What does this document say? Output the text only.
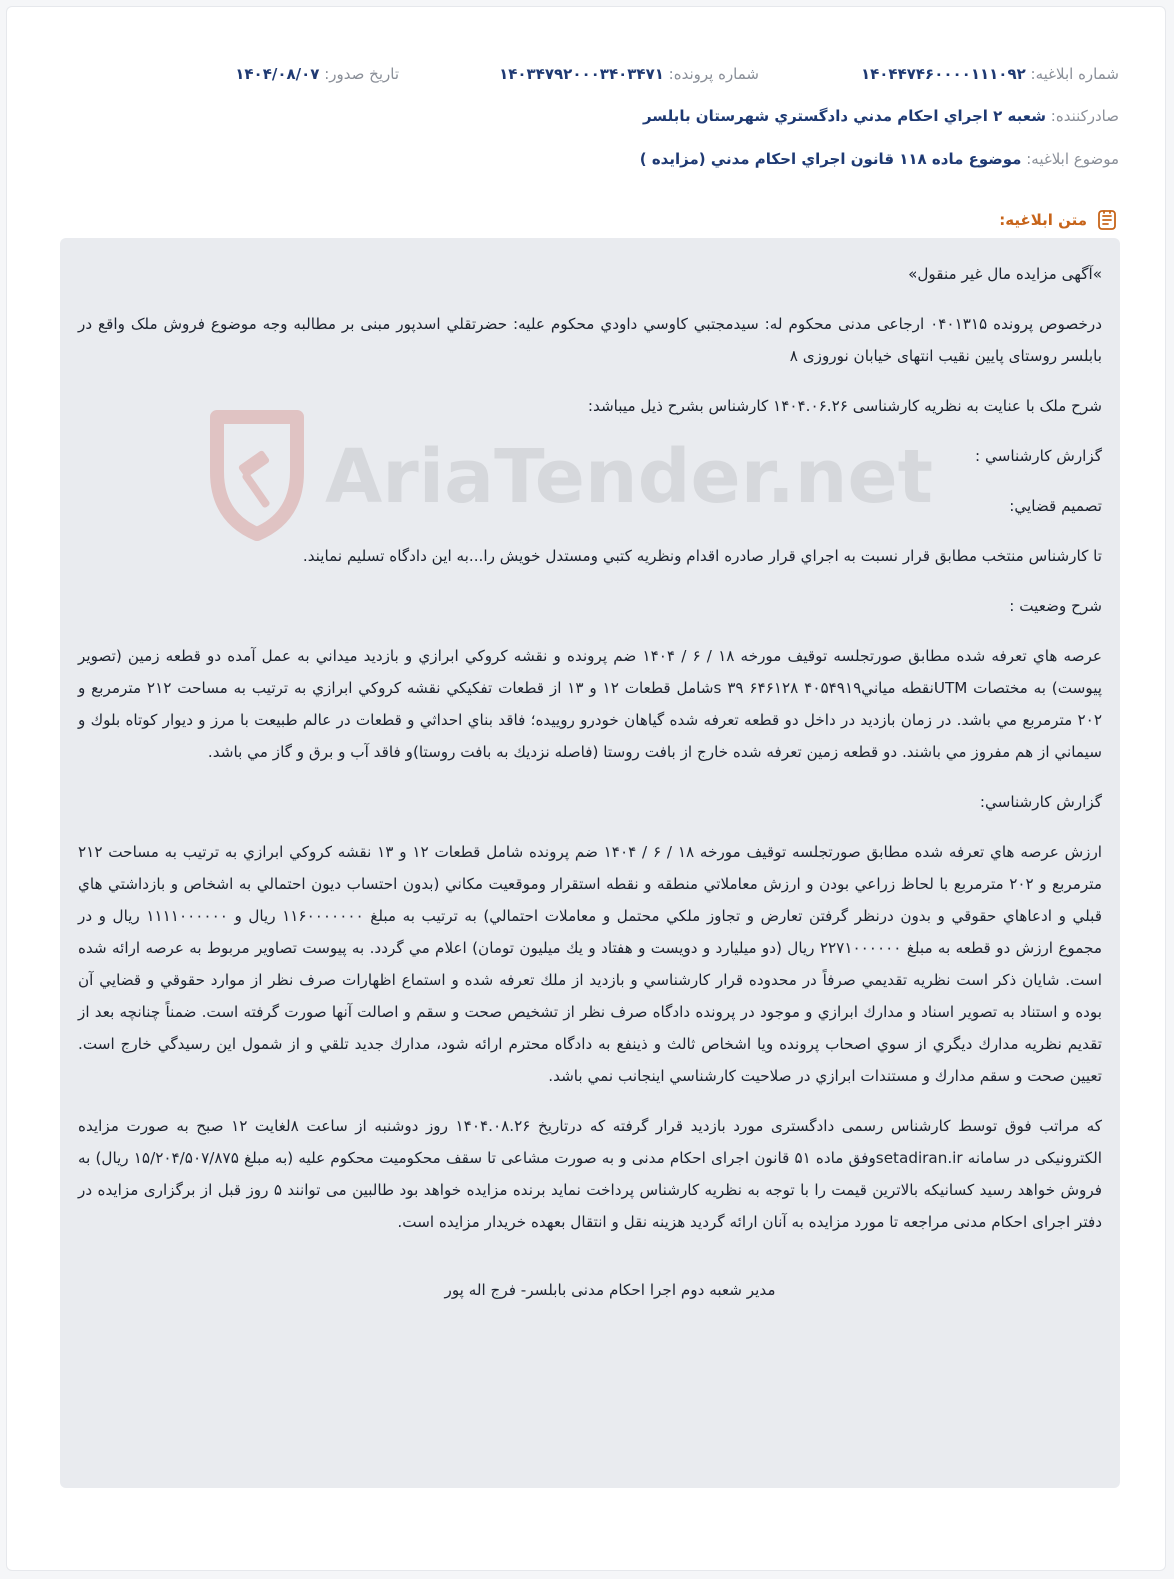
شماره ابلاغیه: ۱۴۰۴۴۷۴۶۰۰۰۰۱۱۱۰۹۲
شماره پرونده: ۱۴۰۳۴۷۹۲۰۰۰۳۴۰۳۴۷۱
تاريخ صدور: ۱۴۰۴/۰۸/۰۷
صادرکننده: شعبه ۲ اجراي احکام مدني دادگستري شهرستان بابلسر
موضوع ابلاغيه: موضوع ماده ۱۱۸ قانون اجراي احکام مدني (مزايده )
متن ابلاغیه:

»آگهی مزایده مال غیر منقول»

درخصوص پرونده ۰۴۰۱۳۱۵ ارجاعی مدنی محکوم له: سیدمجتبي كاوسي داودي محکوم علیه: حضرتقلي اسدپور مبنی بر مطالبه وجه موضوع فروش ملک واقع در بابلسر روستای پایین نقیب انتهای خیابان نوروزی ۸

شرح ملک با عنایت به نظریه کارشناسی ۱۴۰۴.۰۶.۲۶ کارشناس بشرح ذیل میباشد:

گزارش كارشناسي :

تصميم قضايي:

تا كارشناس منتخب مطابق قرار نسبت به اجراي قرار صادره اقدام ونظريه كتبي ومستدل خويش را...به اين دادگاه تسليم نمايند.

شرح وضعيت :

عرصه هاي تعرفه شده مطابق صورتجلسه توقيف مورخه ۱۸ / ۶ / ۱۴۰۴ ضم پرونده و نقشه كروكي ابرازي و بازديد ميداني به عمل آمده دو قطعه زمين (تصوير پيوست) به مختصات UTMنقطه مياني۴۰۵۴۹۱۹ ۶۴۶۱۲۸ ۳۹ sشامل قطعات ۱۲ و ۱۳ از قطعات تفكيكي نقشه كروكي ابرازي به ترتيب به مساحت ۲۱۲ مترمربع و ۲۰۲ مترمربع مي باشد. در زمان بازديد در داخل دو قطعه تعرفه شده گياهان خودرو روييده؛ فاقد بناي احداثي و قطعات در عالم طبيعت با مرز و ديوار كوتاه بلوك و سيماني از هم مفروز مي باشند. دو قطعه زمين تعرفه شده خارج از بافت روستا (فاصله نزديك به بافت روستا)و فاقد آب و برق و گاز مي باشد.

گزارش كارشناسي:

ارزش عرصه هاي تعرفه شده مطابق صورتجلسه توقيف مورخه ۱۸ / ۶ / ۱۴۰۴ ضم پرونده شامل قطعات ۱۲ و ۱۳ نقشه كروكي ابرازي به ترتيب به مساحت ۲۱۲ مترمربع و ۲۰۲ مترمربع با لحاظ زراعي بودن و ارزش معاملاتي منطقه و نقطه استقرار وموقعيت مكاني (بدون احتساب ديون احتمالي به اشخاص و بازداشتي هاي قبلي و ادعاهاي حقوقي و بدون درنظر گرفتن تعارض و تجاوز ملكي محتمل و معاملات احتمالي) به ترتيب به مبلغ ۱۱۶۰۰۰۰۰۰۰ ريال و ۱۱۱۱۰۰۰۰۰۰ ريال و در مجموع ارزش دو قطعه به مبلغ ۲۲۷۱۰۰۰۰۰۰ ريال (دو ميليارد و دويست و هفتاد و يك ميليون تومان) اعلام مي گردد. به پيوست تصاوير مربوط به عرصه ارائه شده است. شايان ذكر است نظريه تقديمي صرفاً در محدوده قرار كارشناسي و بازديد از ملك تعرفه شده و استماع اظهارات صرف نظر از موارد حقوقي و قضايي آن بوده و استناد به تصوير اسناد و مدارك ابرازي و موجود در پرونده دادگاه صرف نظر از تشخيص صحت و سقم و اصالت آنها صورت گرفته است. ضمناً چنانچه بعد از تقديم نظريه مدارك ديگري از سوي اصحاب پرونده ويا اشخاص ثالث و ذينفع به دادگاه محترم ارائه شود، مدارك جديد تلقي و از شمول اين رسيدگي خارج است. تعيين صحت و سقم مدارك و مستندات ابرازي در صلاحيت كارشناسي اينجانب نمي باشد.

که مراتب فوق توسط کارشناس رسمی دادگستری مورد بازدید قرار گرفته که درتاریخ ۱۴۰۴.۰۸.۲۶ روز دوشنبه از ساعت ۸لغایت ۱۲ صبح به صورت مزایده الکترونیکی در سامانه setadiran.irوفق ماده ۵۱ قانون اجرای احکام مدنی و به صورت مشاعی تا سقف محکومیت محکوم علیه (به مبلغ ۱۵/۲۰۴/۵۰۷/۸۷۵ ریال) به فروش خواهد رسید کسانیکه بالاترین قیمت را با توجه به نظریه کارشناس پرداخت نماید برنده مزایده خواهد بود طالبین می توانند ۵ روز قبل از برگزاری مزایده در دفتر اجرای احکام مدنی مراجعه تا مورد مزایده به آنان ارائه گردید هزینه نقل و انتقال بعهده خریدار مزایده است.

مدیر شعبه دوم اجرا احکام مدنی بابلسر- فرج اله پور

AriaTender.net
